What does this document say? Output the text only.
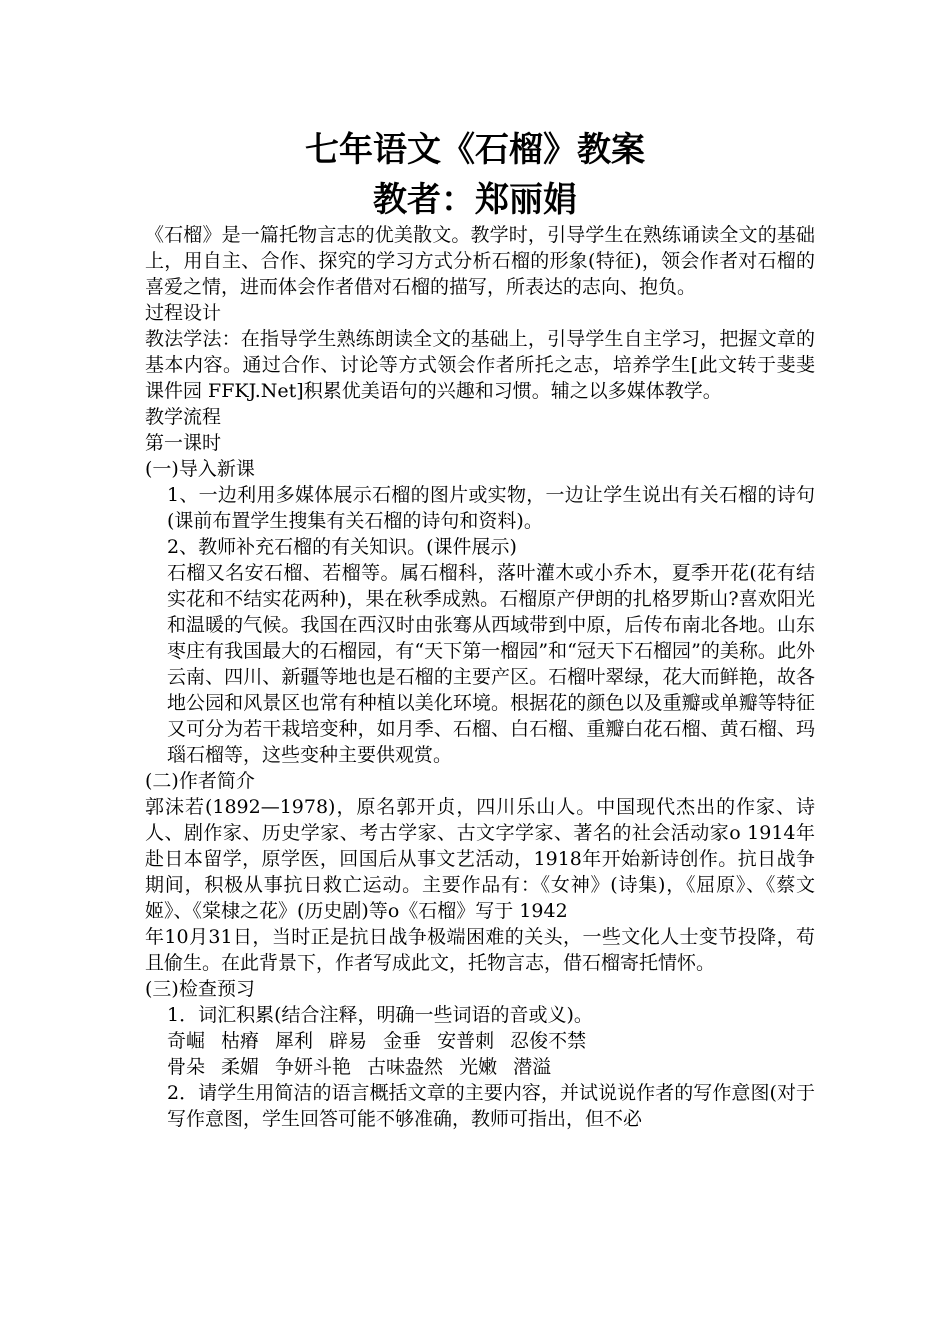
七年语文《石榴》教案
教者：郑丽娟

《石榴》是一篇托物言志的优美散文。教学时，引导学生在熟练诵读全文的基础上，用自主、合作、探究的学习方式分析石榴的形象(特征)，领会作者对石榴的喜爱之情，进而体会作者借对石榴的描写，所表达的志向、抱负。

过程设计

教法学法：在指导学生熟练朗读全文的基础上，引导学生自主学习，把握文章的基本内容。通过合作、讨论等方式领会作者所托之志，培养学生[此文转于斐斐课件园 FFKJ.Net]积累优美语句的兴趣和习惯。辅之以多媒体教学。

教学流程

第一课时

(一)导入新课

1、一边利用多媒体展示石榴的图片或实物，一边让学生说出有关石榴的诗句(课前布置学生搜集有关石榴的诗句和资料)。

2、教师补充石榴的有关知识。(课件展示)

石榴又名安石榴、若榴等。属石榴科，落叶灌木或小乔木，夏季开花(花有结实花和不结实花两种)，果在秋季成熟。石榴原产伊朗的扎格罗斯山?喜欢阳光和温暖的气候。我国在西汉时由张骞从西域带到中原，后传布南北各地。山东枣庄有我国最大的石榴园，有“天下第一榴园”和“冠天下石榴园”的美称。此外云南、四川、新疆等地也是石榴的主要产区。石榴叶翠绿，花大而鲜艳，故各地公园和风景区也常有种植以美化环境。根据花的颜色以及重瓣或单瓣等特征又可分为若干栽培变种，如月季、石榴、白石榴、重瓣白花石榴、黄石榴、玛瑙石榴等，这些变种主要供观赏。

(二)作者简介

郭沫若(1892—1978)，原名郭开贞，四川乐山人。中国现代杰出的作家、诗人、剧作家、历史学家、考古学家、古文字学家、著名的社会活动家o 1914年赴日本留学，原学医，回国后从事文艺活动，1918年开始新诗创作。抗日战争期间，积极从事抗日救亡运动。主要作品有：《女神》(诗集)，《屈原》、《蔡文姬》、《棠棣之花》(历史剧)等o《石榴》写于 1942

年10月31日，当时正是抗日战争极端困难的关头，一些文化人士变节投降，苟且偷生。在此背景下，作者写成此文，托物言志，借石榴寄托情怀。

(三)检查预习

1．词汇积累(结合注释，明确一些词语的音或义)。

奇崛 枯瘠 犀利 辟易 金垂 安普刺 忍俊不禁

骨朵 柔媚 争妍斗艳 古味盎然 光嫩 潜溢

2．请学生用简洁的语言概括文章的主要内容，并试说说作者的写作意图(对于写作意图，学生回答可能不够准确，教师可指出，但不必
